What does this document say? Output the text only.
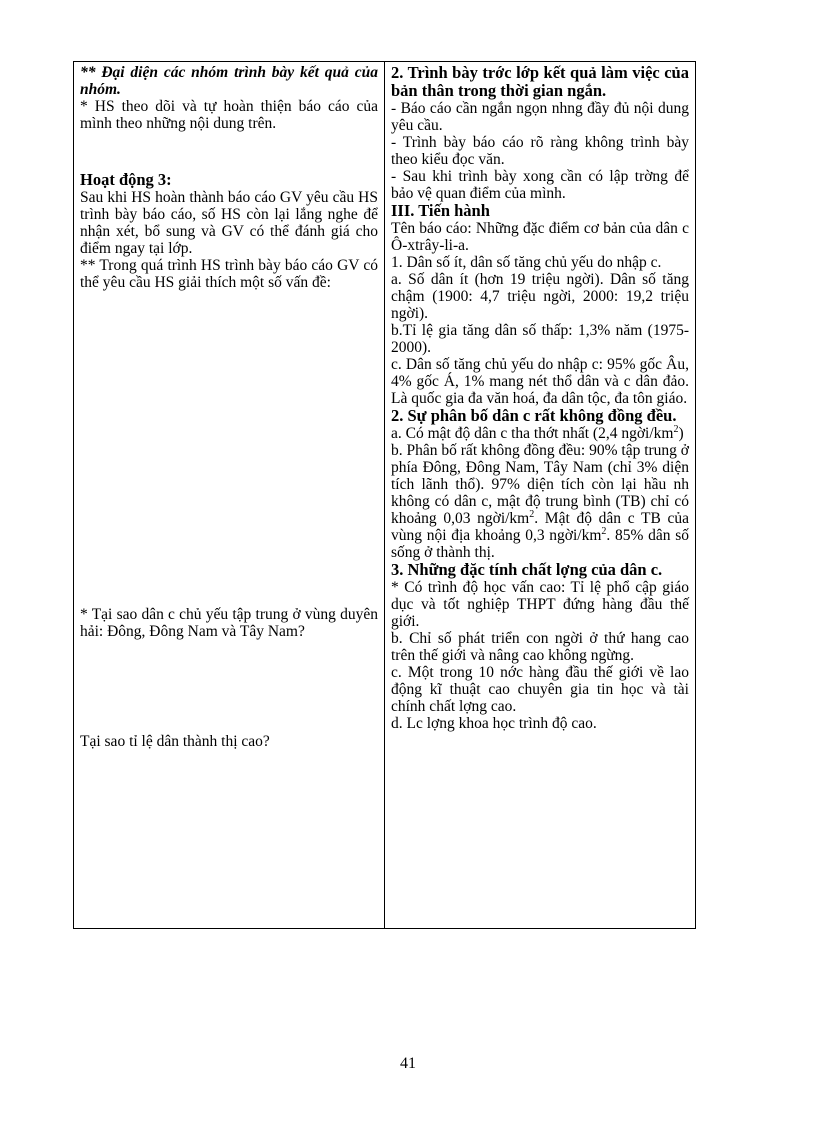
** Đại diện các nhóm trình bày kết quả của nhóm.

* HS theo dõi và tự hoàn thiện báo cáo của mình theo những nội dung trên.

Hoạt động 3:

Sau khi HS hoàn thành báo cáo GV yêu cầu HS trình bày báo cáo, số HS còn lại lắng nghe để nhận xét, bổ sung và GV có thể đánh giá cho điểm ngay tại lớp.

** Trong quá trình HS trình bày báo cáo GV có thể yêu cầu HS giải thích một số vấn đề:

* Tại sao dân c chủ yếu tập trung ở vùng duyên hải: Đông, Đông Nam và Tây Nam?

Tại sao tỉ lệ dân thành thị cao?

2. Trình bày trớc lớp kết quả làm việc của bản thân trong thời gian ngắn.

- Báo cáo cần ngắn ngọn nhng đầy đủ nội dung yêu cầu.

- Trình bày báo cáo rõ ràng không trình bày theo kiểu đọc văn.

- Sau khi trình bày xong cần có lập trờng để bảo vệ quan điểm của mình.

III. Tiến hành

Tên báo cáo: Những đặc điểm cơ bản của dân c Ô-xtrây-li-a.

1. Dân số ít, dân số tăng chủ yếu do nhập c.

a. Số dân ít (hơn 19 triệu ngời). Dân số tăng chậm (1900: 4,7 triệu ngời, 2000: 19,2 triệu ngời).

b.Tỉ lệ gia tăng dân số thấp: 1,3% năm (1975-2000).

c. Dân số tăng chủ yếu do nhập c: 95% gốc Âu, 4% gốc Á, 1% mang nét thổ dân và c dân đảo. Là quốc gia đa văn hoá, đa dân tộc, đa tôn giáo.

2. Sự phân bố dân c rất không đồng đều.

a. Có mật độ dân c tha thớt nhất (2,4 ngời/$km^2$)

b. Phân bố rất không đồng đều: 90% tập trung ở phía Đông, Đông Nam, Tây Nam (chỉ 3% diện tích lãnh thổ). 97% diện tích còn lại hầu nh không có dân c, mật độ trung bình (TB) chỉ có khoảng 0,03 ngời/$km^2$. Mật độ dân c TB của vùng nội địa khoảng 0,3 ngời/$km^2$. 85% dân số sống ở thành thị.

3. Những đặc tính chất lợng của dân c.

* Có trình độ học vấn cao: Tỉ lệ phổ cập giáo dục và tốt nghiệp THPT đứng hàng đầu thế giới.

b. Chỉ số phát triển con ngời ở thứ hang cao trên thế giới và nâng cao không ngừng.

c. Một trong 10 nớc hàng đầu thế giới về lao động kĩ thuật cao chuyên gia tin học và tài chính chất lợng cao.

d. Lc lợng khoa học trình độ cao.

41
